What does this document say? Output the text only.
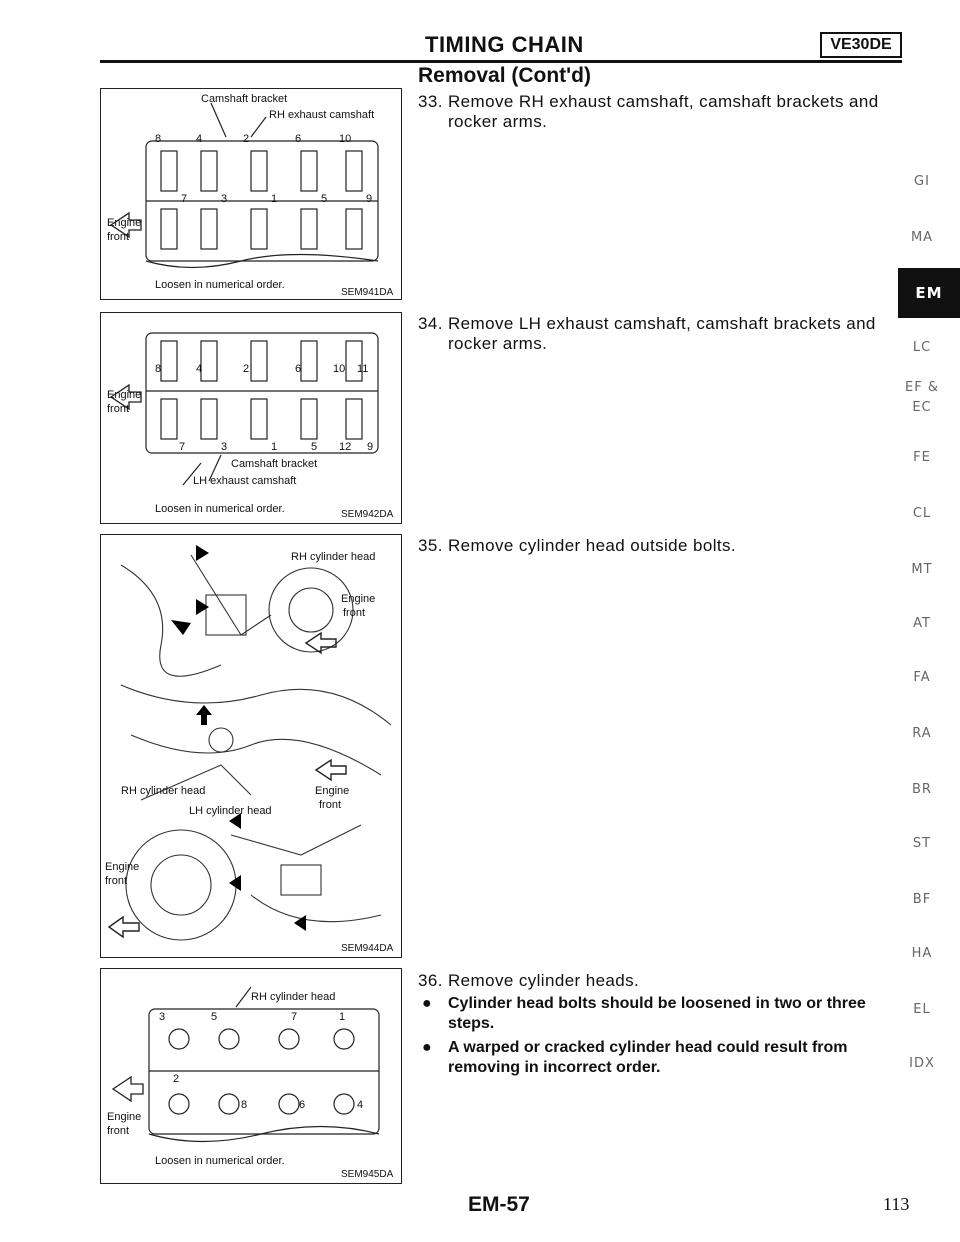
TIMING CHAIN	VE30DE
Removal (Cont'd)
Camshaft bracket
RH exhaust camshaft
8	4	2	6	10
7	3	1	5	9
Engine
front
Loosen in numerical order.
SEM941DA
8	4	2	6	10 11
7	3	1	5 12 9
Engine
front
Camshaft bracket
LH exhaust camshaft
Loosen in numerical order.	SEM942DA
RH cylinder head
Engine
front
RH cylinder head	Engine
front
LH cylinder head
Engine
front
SEM944DA
RH cylinder head
3	5	7	1
2
8	6	4
Engine
front
Loosen in numerical order.
SEM945DA
33. Remove RH exhaust camshaft, camshaft brackets and rocker arms.
34. Remove LH exhaust camshaft, camshaft brackets and rocker arms.
35. Remove cylinder head outside bolts.
36. Remove cylinder heads.
●	Cylinder head bolts should be loosened in two or three steps.
●	A warped or cracked cylinder head could result from removing in incorrect order.
GI
MA
EM
LC
EF &
EC
FE
CL
MT
AT
FA
RA
BR
ST
BF
HA
EL
IDX
EM-57	113
